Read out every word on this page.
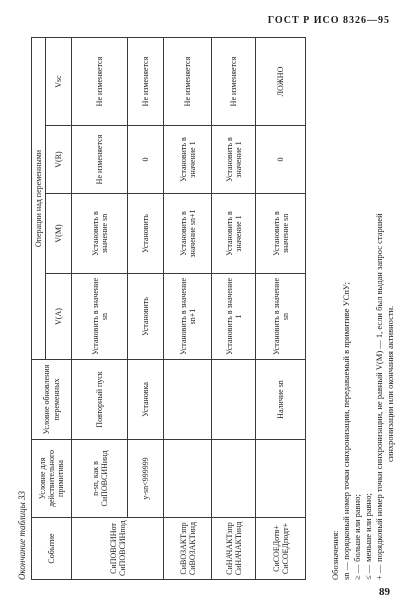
ГОСТ Р ИСО 8326—95
Окончание таблицы 33	Событие	Условие для действительного примитива	Условие обновления переменных	Операции над переменными			
			V(A)	V(M)	V(R)	Vsc
СиПОВСИНот СиПОВСИНпод	n-sn, как в СиПОВСИНинд	Повторный пуск	Установить в значение sn	Установить в значение sn	Не изменяется	Не изменяется
	y-sn<999999	Установка	Установить	Установить	0	Не изменяется
СиВОЗАКТзпр СиВОЗАКТинд			Установить в значение sn+1	Установить в значение sn+1	Установить в значение 1	Не изменяется
СиНАЧАКТзпр СиНАЧАКТинд			Установить в значение 1	Установить в значение 1	Установить в значение 1	Не изменяется
СиСОЕДотв+ СиСОЕДподт+		Наличие sn	Установить в значение sn	Установить в значение sn	0	ЛОЖНО
Обозначения: sn — порядковый номер точки синхронизации, передаваемый в примитиве УСпУ; ≥ — больше или равно;
≤ — меньше или равно;
+ — порядковый номер точки синхронизации, не равный V(M) — 1, если был выдан запрос старшей синхронизации или окончания активности.
89
